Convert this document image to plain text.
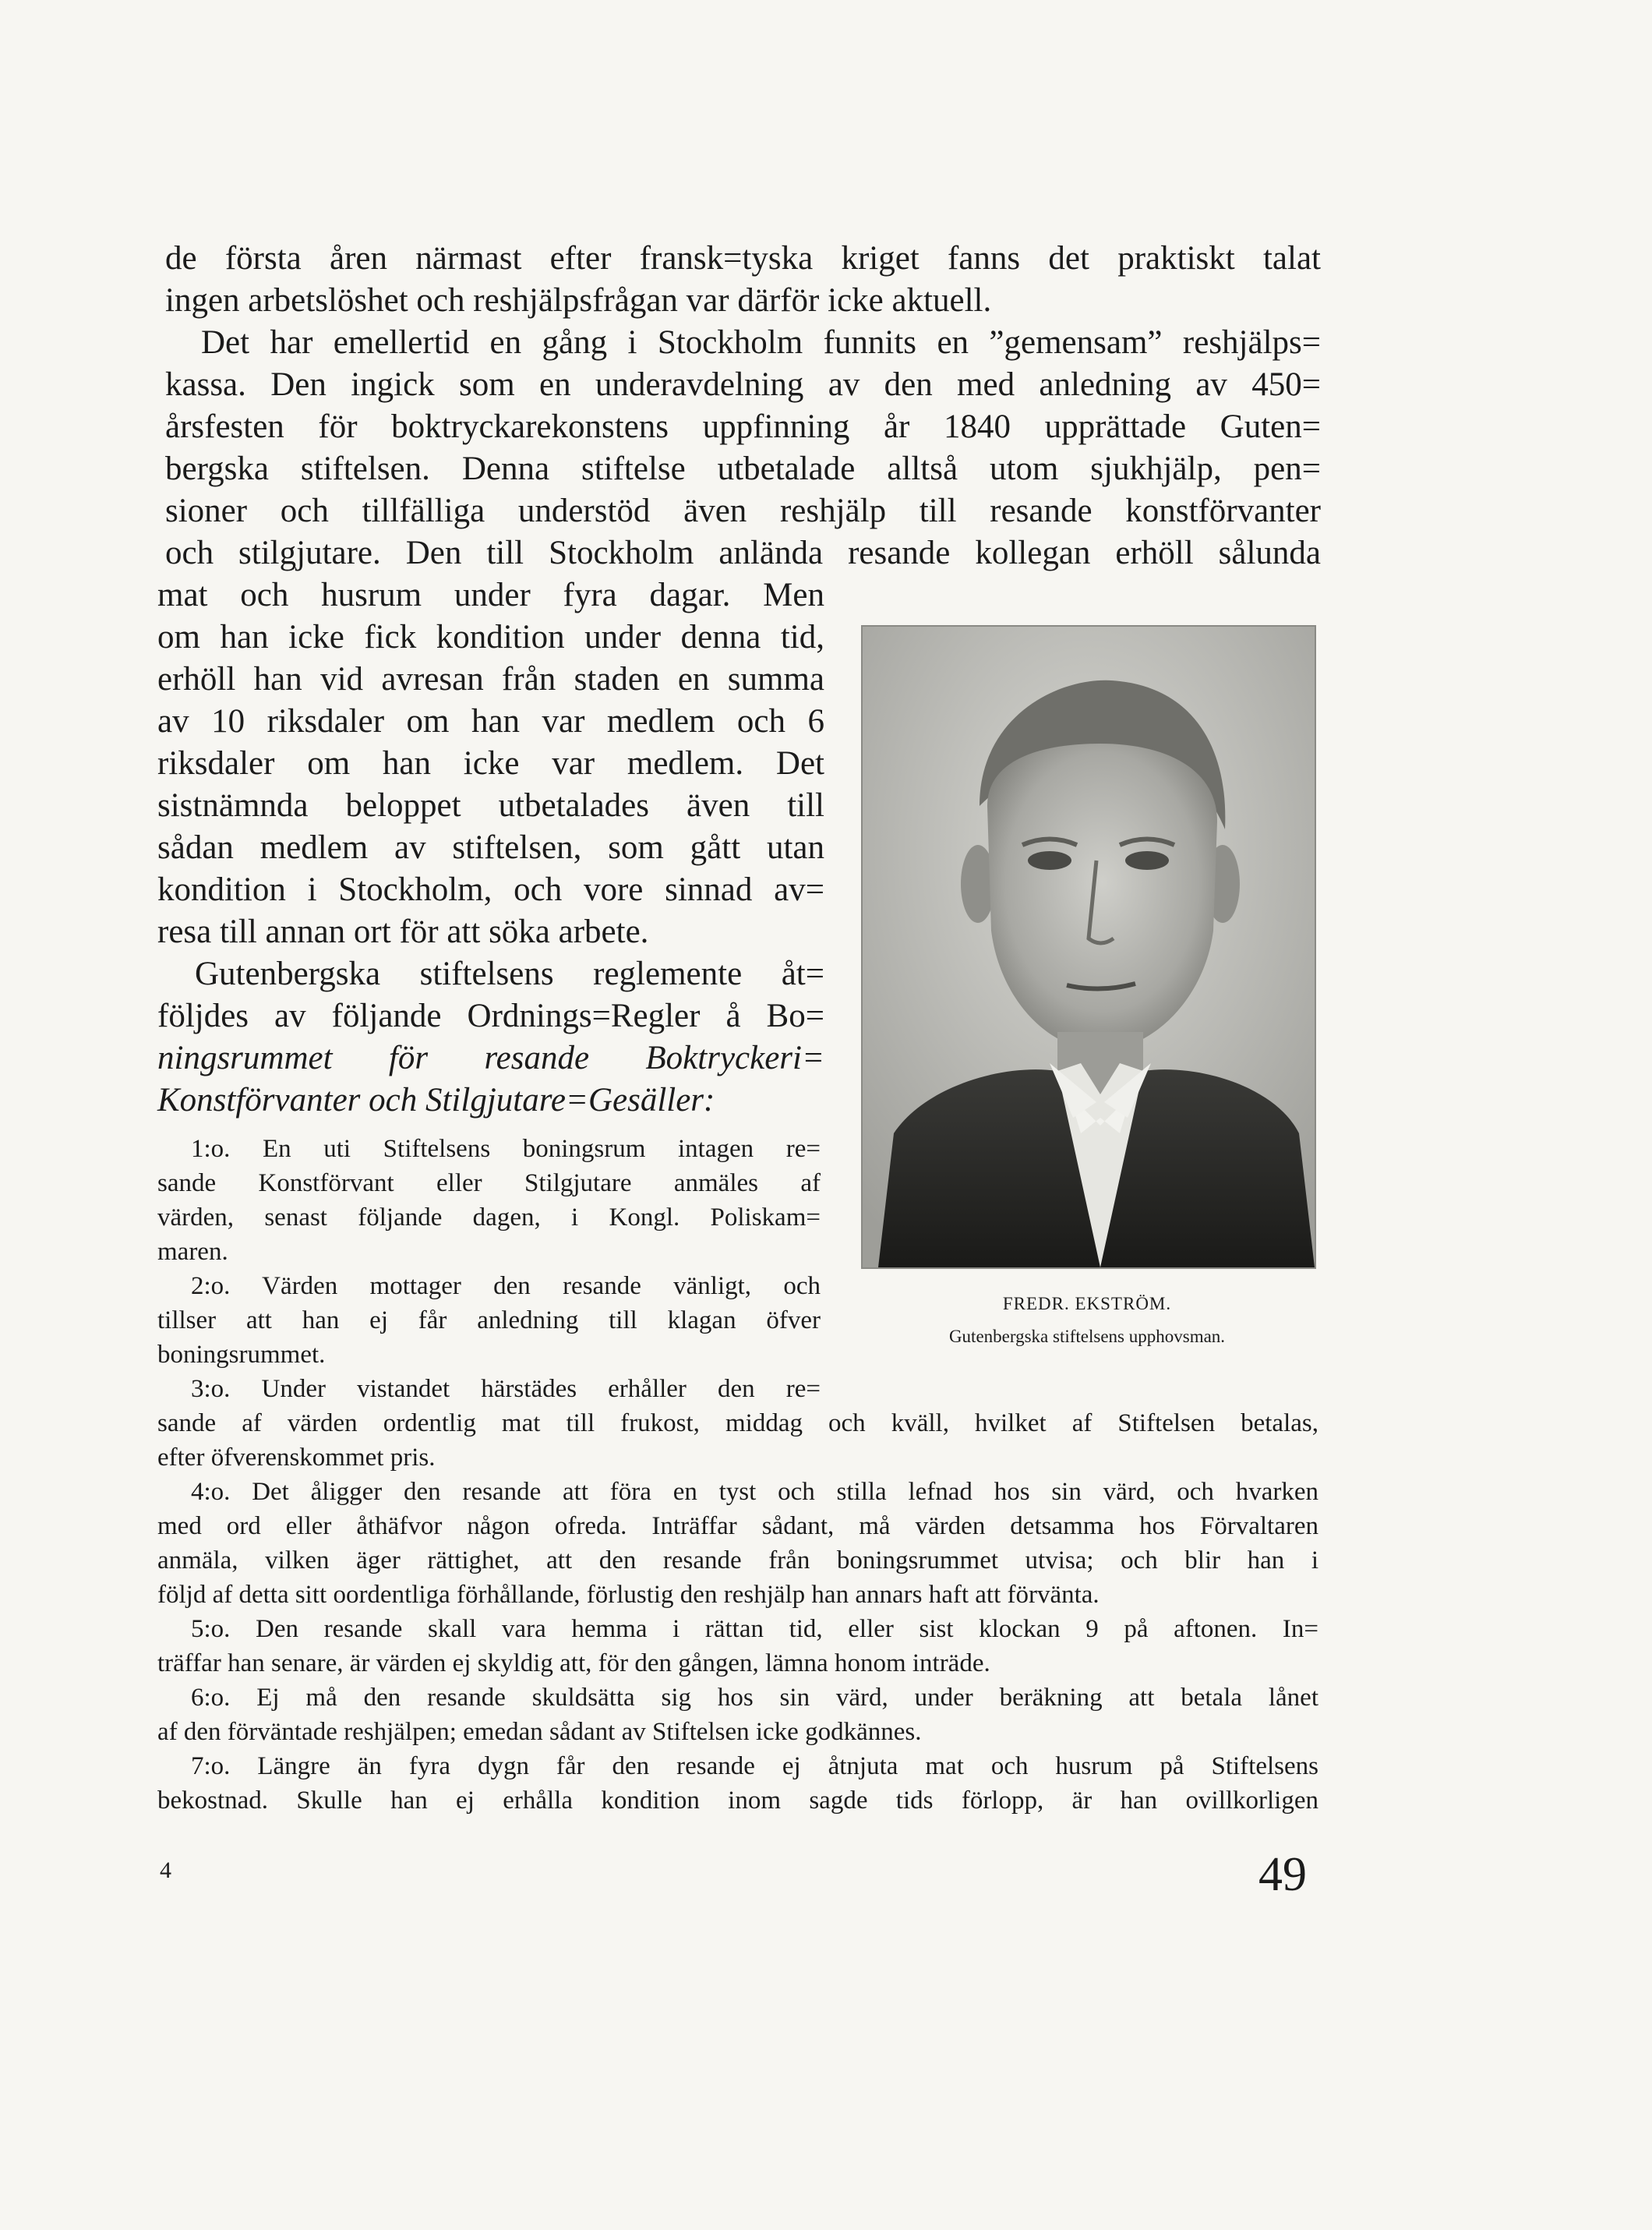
de första åren närmast efter fransk=tyska kriget fanns det praktiskt talat
ingen arbetslöshet och reshjälpsfrågan var därför icke aktuell.
Det har emellertid en gång i Stockholm funnits en ”gemensam” reshjälps=
kassa. Den ingick som en underavdelning av den med anledning av 450=
årsfesten för boktryckarekonstens uppfinning år 1840 upprättade Guten=
bergska stiftelsen. Denna stiftelse utbetalade alltså utom sjukhjälp, pen=
sioner och tillfälliga understöd även reshjälp till resande konstförvanter
och stilgjutare. Den till Stockholm anlända resande kollegan erhöll sålunda
mat och husrum under fyra dagar. Men
om han icke fick kondition under denna tid,
erhöll han vid avresan från staden en summa
av 10 riksdaler om han var medlem och 6
riksdaler om han icke var medlem. Det
sistnämnda beloppet utbetalades även till
sådan medlem av stiftelsen, som gått utan
kondition i Stockholm, och vore sinnad av=
resa till annan ort för att söka arbete.
Gutenbergska stiftelsens reglemente åt=
följdes av följande Ordnings=Regler å Bo=
ningsrummet för resande Boktryckeri=
Konstförvanter och Stilgjutare=Gesäller:
1:o. En uti Stiftelsens boningsrum intagen re=
sande Konstförvant eller Stilgjutare anmäles af
värden, senast följande dagen, i Kongl. Poliskam=
maren.
2:o. Värden mottager den resande vänligt, och
tillser att han ej får anledning till klagan öfver
boningsrummet.
3:o. Under vistandet härstädes erhåller den re=
sande af värden ordentlig mat till frukost, middag och kväll, hvilket af Stiftelsen betalas,
efter öfverenskommet pris.
4:o. Det åligger den resande att föra en tyst och stilla lefnad hos sin värd, och hvarken
med ord eller åthäfvor någon ofreda. Inträffar sådant, må värden detsamma hos Förvaltaren
anmäla, vilken äger rättighet, att den resande från boningsrummet utvisa; och blir han i
följd af detta sitt oordentliga förhållande, förlustig den reshjälp han annars haft att förvänta.
5:o. Den resande skall vara hemma i rättan tid, eller sist klockan 9 på aftonen. In=
träffar han senare, är värden ej skyldig att, för den gången, lämna honom inträde.
6:o. Ej må den resande skuldsätta sig hos sin värd, under beräkning att betala lånet
af den förväntade reshjälpen; emedan sådant av Stiftelsen icke godkännes.
7:o. Längre än fyra dygn får den resande ej åtnjuta mat och husrum på Stiftelsens
bekostnad. Skulle han ej erhålla kondition inom sagde tids förlopp, är han ovillkorligen
FREDR. EKSTRÖM.
Gutenbergska stiftelsens upphovsman.
4	49
